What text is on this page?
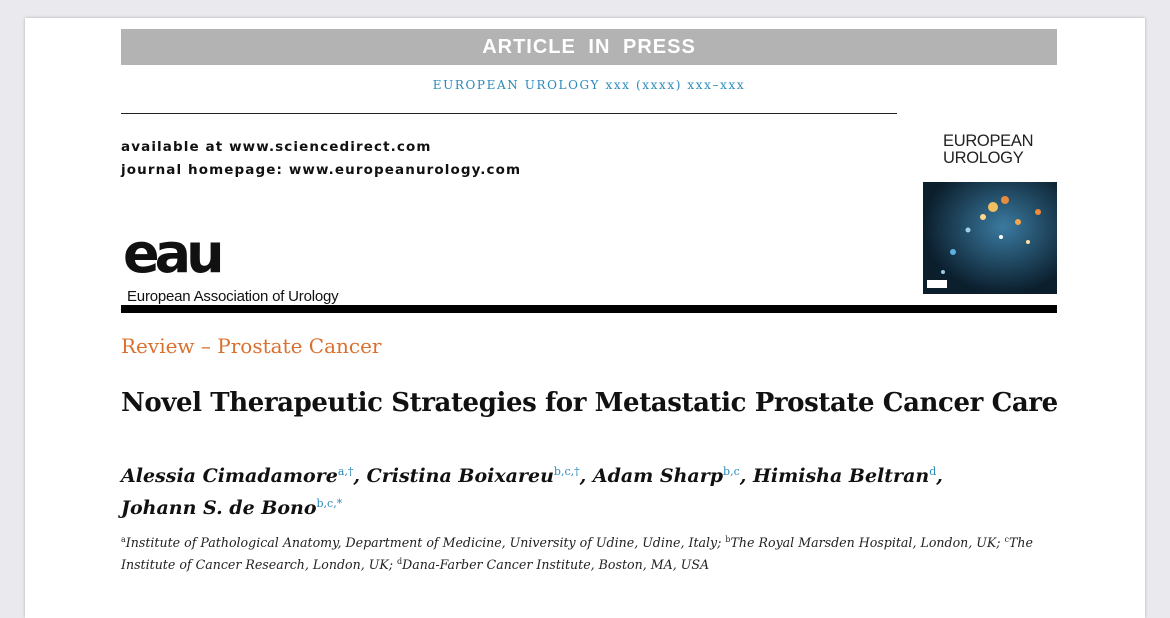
ARTICLE IN PRESS
EUROPEAN UROLOGY xxx (xxxx) xxx–xxx
available at www.sciencedirect.com
journal homepage: www.europeanurology.com
eau
European Association of Urology
EUROPEAN
UROLOGY
Review – Prostate Cancer
Novel Therapeutic Strategies for Metastatic Prostate Cancer Care
Alessia Cimadamore$^{a,\dagger}$, Cristina Boixareu$^{b,c,\dagger}$, Adam Sharp$^{b,c}$, Himisha Beltran$^d$,
Johann S. de Bono$^{b,c,*}$
$^a$Institute of Pathological Anatomy, Department of Medicine, University of Udine, Udine, Italy; $^b$The Royal Marsden Hospital, London, UK; $^c$The Institute of Cancer Research, London, UK; $^d$Dana-Farber Cancer Institute, Boston, MA, USA
